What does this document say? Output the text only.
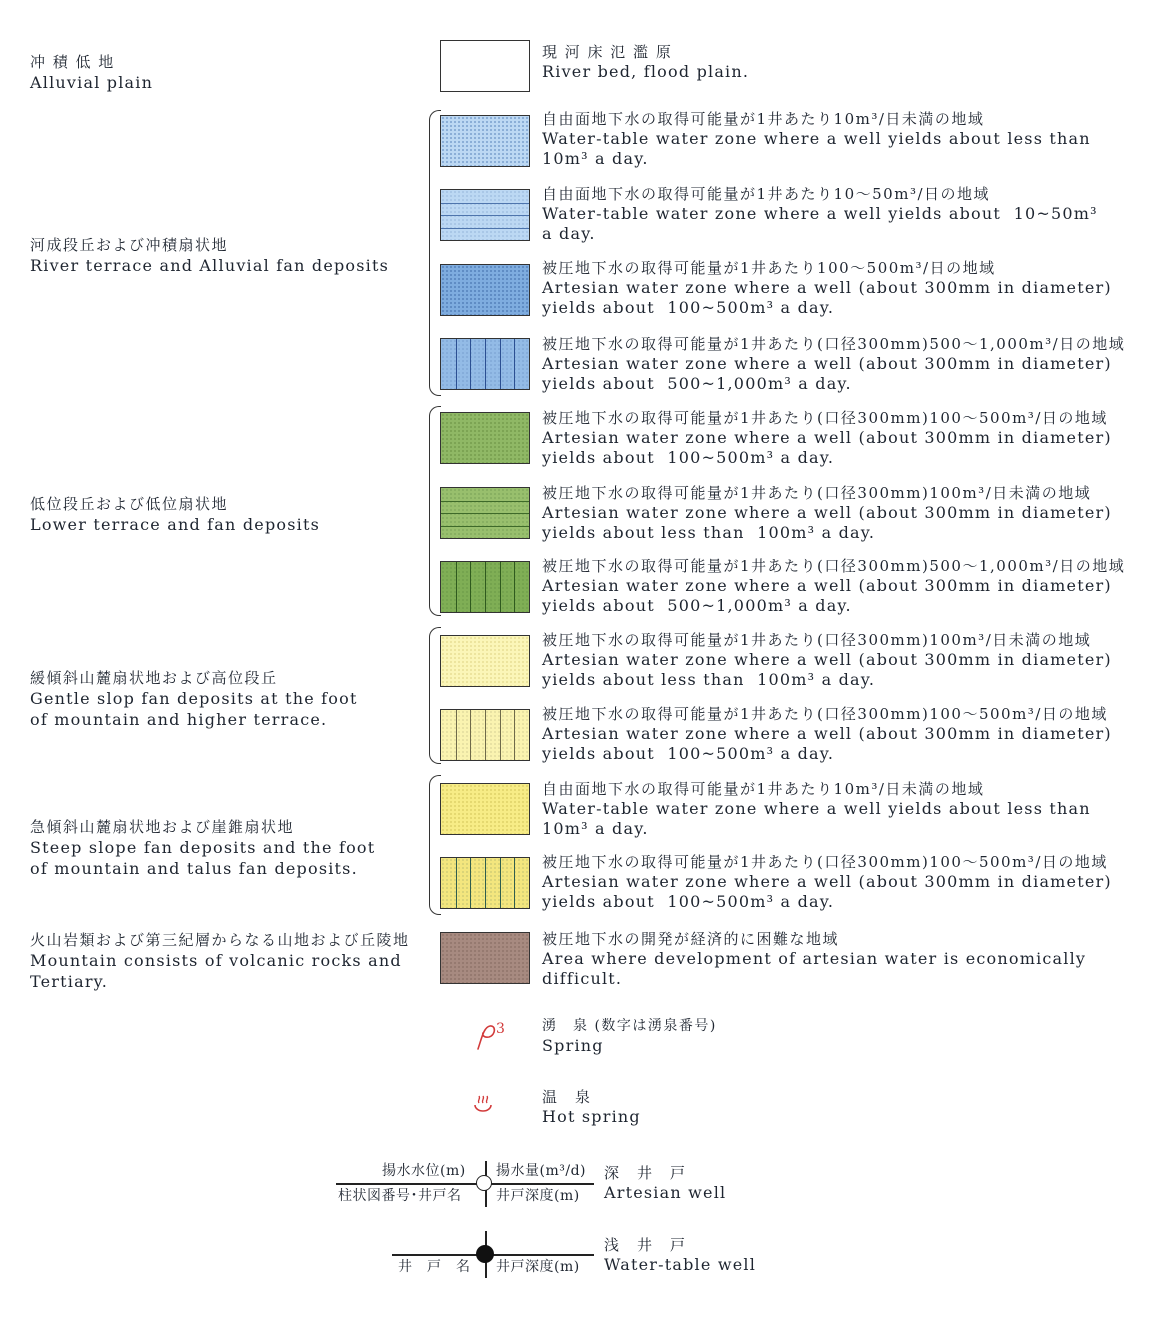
冲 積 低 地
Alluvial plain
河成段丘および冲積扇状地
River terrace and Alluvial fan deposits
低位段丘および低位扇状地
Lower terrace and fan deposits
緩傾斜山麓扇状地および高位段丘
Gentle slop fan deposits at the foot
of mountain and higher terrace.
急傾斜山麓扇状地および崖錐扇状地
Steep slope fan deposits and the foot
of mountain and talus fan deposits.
火山岩類および第三紀層からなる山地および丘陵地
Mountain consists of volcanic rocks and
Tertiary.
現 河 床 氾 濫 原
River bed, flood plain.
自由面地下水の取得可能量が1井あたり10m³/日未満の地域
Water-table water zone where a well yields about less than
10m³ a day.
自由面地下水の取得可能量が1井あたり10～50m³/日の地域
Water-table water zone where a well yields about  10~50m³
a day.
被圧地下水の取得可能量が1井あたり100～500m³/日の地域
Artesian water zone where a well (about 300mm in diameter)
yields about  100~500m³ a day.
被圧地下水の取得可能量が1井あたり(口径300mm)500～1,000m³/日の地域
Artesian water zone where a well (about 300mm in diameter)
yields about  500~1,000m³ a day.
被圧地下水の取得可能量が1井あたり(口径300mm)100～500m³/日の地域
Artesian water zone where a well (about 300mm in diameter)
yields about  100~500m³ a day.
被圧地下水の取得可能量が1井あたり(口径300mm)100m³/日未満の地域
Artesian water zone where a well (about 300mm in diameter)
yields about less than  100m³ a day.
被圧地下水の取得可能量が1井あたり(口径300mm)500～1,000m³/日の地域
Artesian water zone where a well (about 300mm in diameter)
yields about  500~1,000m³ a day.
被圧地下水の取得可能量が1井あたり(口径300mm)100m³/日未満の地域
Artesian water zone where a well (about 300mm in diameter)
yields about less than  100m³ a day.
被圧地下水の取得可能量が1井あたり(口径300mm)100～500m³/日の地域
Artesian water zone where a well (about 300mm in diameter)
yields about  100~500m³ a day.
自由面地下水の取得可能量が1井あたり10m³/日未満の地域
Water-table water zone where a well yields about less than
10m³ a day.
被圧地下水の取得可能量が1井あたり(口径300mm)100～500m³/日の地域
Artesian water zone where a well (about 300mm in diameter)
yields about  100~500m³ a day.
被圧地下水の開発が経済的に困難な地域
Area where development of artesian water is economically
difficult.
3	湧　泉 (数字は湧泉番号)
Spring
温　泉
Hot spring
揚水水位(m) 揚水量(m³/d)
柱状図番号･井戸名 井戸深度(m)
深　井　戸
Artesian well
井　戸　名 井戸深度(m)
浅　井　戸
Water-table well
